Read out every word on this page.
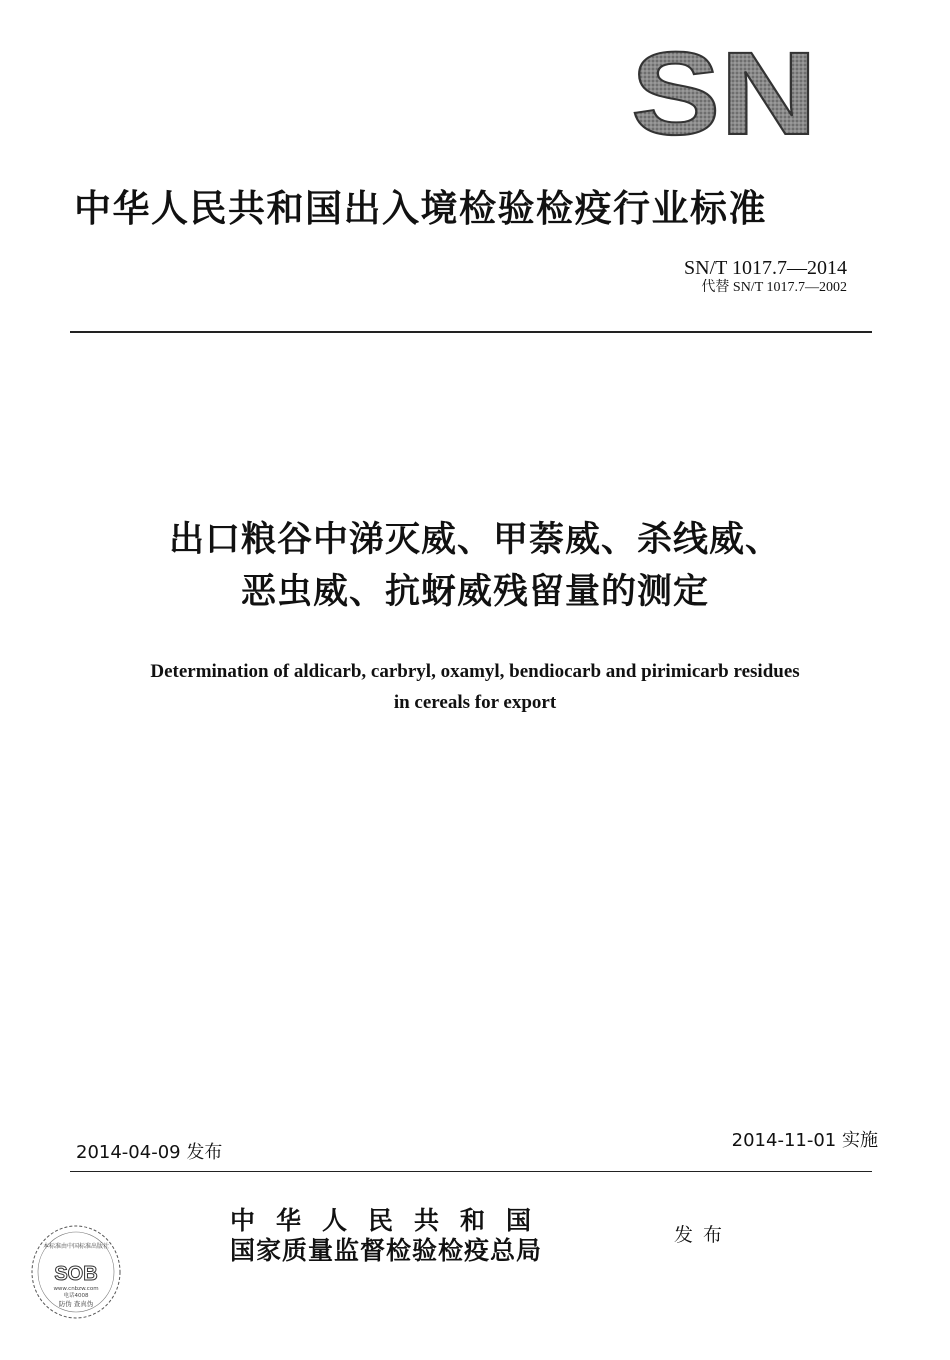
SN
中华人民共和国出入境检验检疫行业标准
SN/T 1017.7—2014
代替 SN/T 1017.7—2002
出口粮谷中涕灭威、甲萘威、杀线威、
恶虫威、抗蚜威残留量的测定
Determination of aldicarb, carbryl, oxamyl, bendiocarb and pirimicarb residues
in cereals for export
2014-04-09 发布
2014-11-01 实施
本标准由中国标准出版社
SOB
www.cnbzw.com
电话4008
防伪 查真伪
中华人民共和国
国家质量监督检验检疫总局
发布
